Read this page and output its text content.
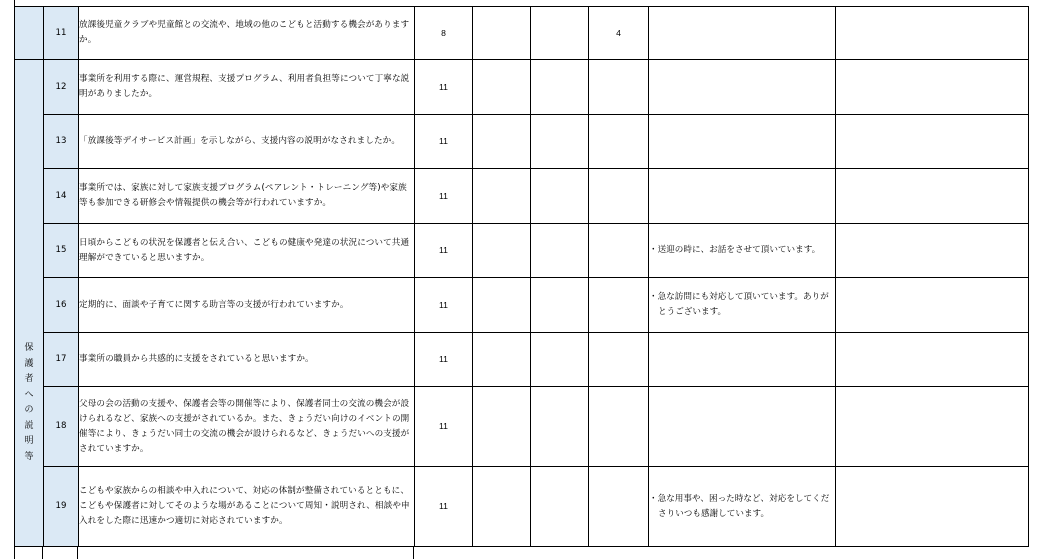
	11	放課後児童クラブや児童館との交流や、地域の他のこどもと活動する機会がありますか。	8			4	

保護者への説明等	12	事業所を利用する際に、運営規程、支援プログラム、利用者負担等について丁寧な説明がありましたか。	11				

	13	「放課後等デイサービス計画」を示しながら、支援内容の説明がなされましたか。	11				

	14	事業所では、家族に対して家族支援プログラム(ペアレント・トレーニング等)や家族等も参加できる研修会や情報提供の機会等が行われていますか。	11				

	15	日頃からこどもの状況を保護者と伝え合い、こどもの健康や発達の状況について共通理解ができていると思いますか。	11				・送迎の時に、お話をさせて頂いています。	

	16	定期的に、面談や子育てに関する助言等の支援が行われていますか。	11				・急な訪問にも対応して頂いています。ありがとうございます。	

	17	事業所の職員から共感的に支援をされていると思いますか。	11				

	18	父母の会の活動の支援や、保護者会等の開催等により、保護者同士の交流の機会が設けられるなど、家族への支援がされているか。また、きょうだい向けのイベントの開催等により、きょうだい同士の交流の機会が設けられるなど、きょうだいへの支援がされていますか。	11				

	19	こどもや家族からの相談や申入れについて、対応の体制が整備されているとともに、こどもや保護者に対してそのような場があることについて周知・説明され、相談や申入れをした際に迅速かつ適切に対応されていますか。	11				・急な用事や、困った時など、対応をしてくださりいつも感謝しています。	
